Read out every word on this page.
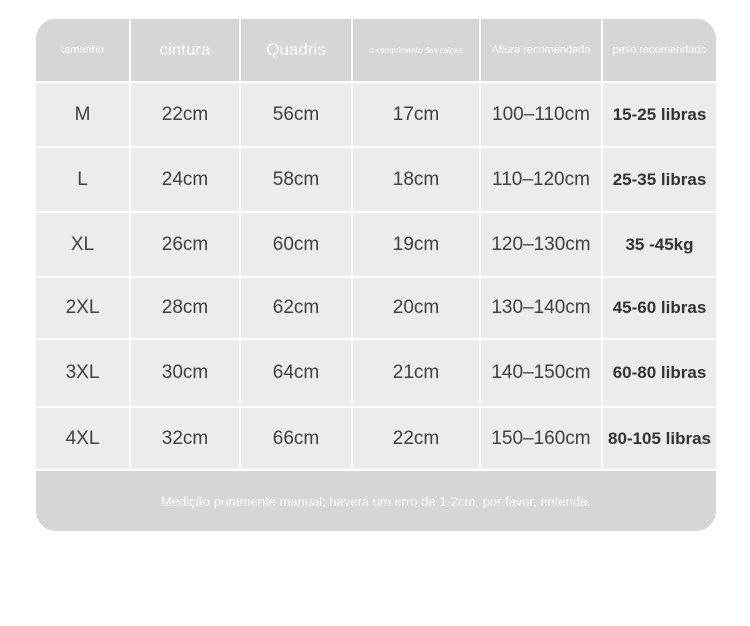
tamanho	cintura	Quadris	o comprimento das calças	Altura recomendada	peso recomendado
M	22cm	56cm	17cm	100–110cm	15-25 libras
L	24cm	58cm	18cm	110–120cm	25-35 libras
XL	26cm	60cm	19cm	120–130cm	35 -45kg
2XL	28cm	62cm	20cm	130–140cm	45-60 libras
3XL	30cm	64cm	21cm	140–150cm	60-80 libras
4XL	32cm	66cm	22cm	150–160cm	80-105 libras
Medição puramente manual; haverá um erro de 1-2cm, por favor, entenda.
